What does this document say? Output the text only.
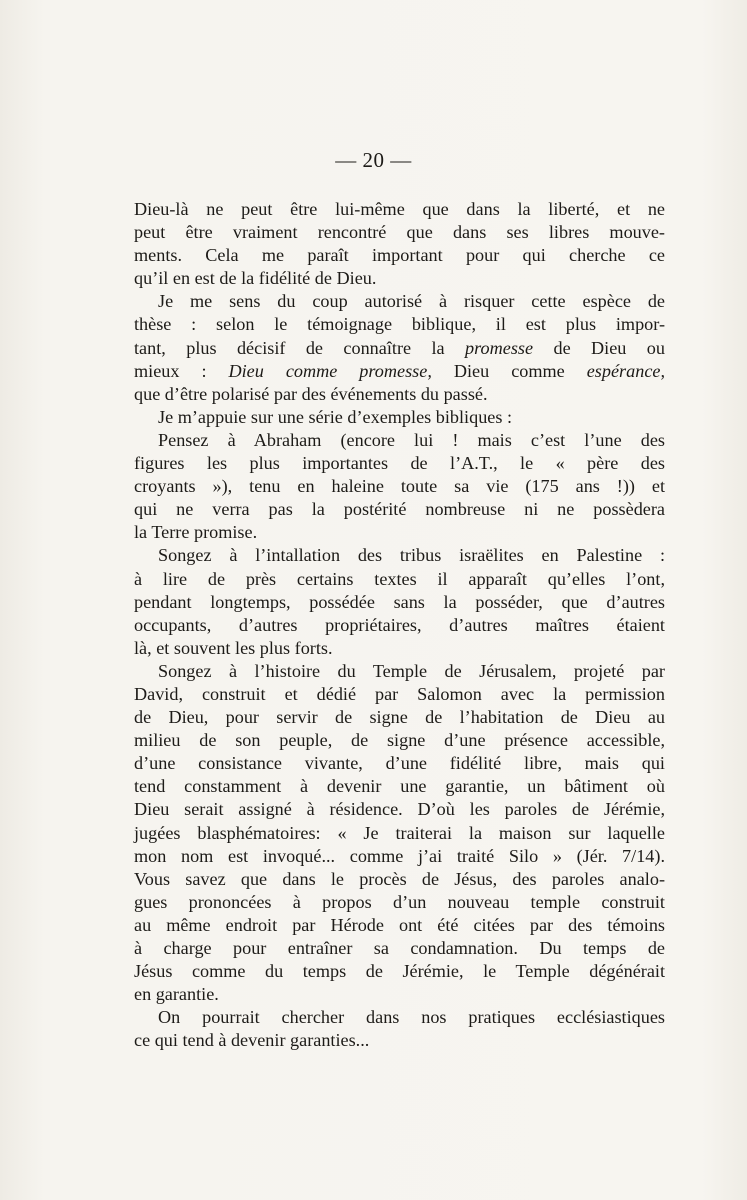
— 20 —
Dieu-là ne peut être lui-même que dans la liberté, et ne
peut être vraiment rencontré que dans ses libres mouve-
ments. Cela me paraît important pour qui cherche ce
qu’il en est de la fidélité de Dieu.
Je me sens du coup autorisé à risquer cette espèce de
thèse : selon le témoignage biblique, il est plus impor-
tant, plus décisif de connaître la promesse de Dieu ou
mieux : Dieu comme promesse, Dieu comme espérance,
que d’être polarisé par des événements du passé.
Je m’appuie sur une série d’exemples bibliques :
Pensez à Abraham (encore lui ! mais c’est l’une des
figures les plus importantes de l’A.T., le « père des
croyants »), tenu en haleine toute sa vie (175 ans !)) et
qui ne verra pas la postérité nombreuse ni ne possèdera
la Terre promise.
Songez à l’intallation des tribus israëlites en Palestine :
à lire de près certains textes il apparaît qu’elles l’ont,
pendant longtemps, possédée sans la posséder, que d’autres
occupants, d’autres propriétaires, d’autres maîtres étaient
là, et souvent les plus forts.
Songez à l’histoire du Temple de Jérusalem, projeté par
David, construit et dédié par Salomon avec la permission
de Dieu, pour servir de signe de l’habitation de Dieu au
milieu de son peuple, de signe d’une présence accessible,
d’une consistance vivante, d’une fidélité libre, mais qui
tend constamment à devenir une garantie, un bâtiment où
Dieu serait assigné à résidence. D’où les paroles de Jérémie,
jugées blasphématoires: « Je traiterai la maison sur laquelle
mon nom est invoqué... comme j’ai traité Silo » (Jér. 7/14).
Vous savez que dans le procès de Jésus, des paroles analo-
gues prononcées à propos d’un nouveau temple construit
au même endroit par Hérode ont été citées par des témoins
à charge pour entraîner sa condamnation. Du temps de
Jésus comme du temps de Jérémie, le Temple dégénérait
en garantie.
On pourrait chercher dans nos pratiques ecclésiastiques
ce qui tend à devenir garanties...
